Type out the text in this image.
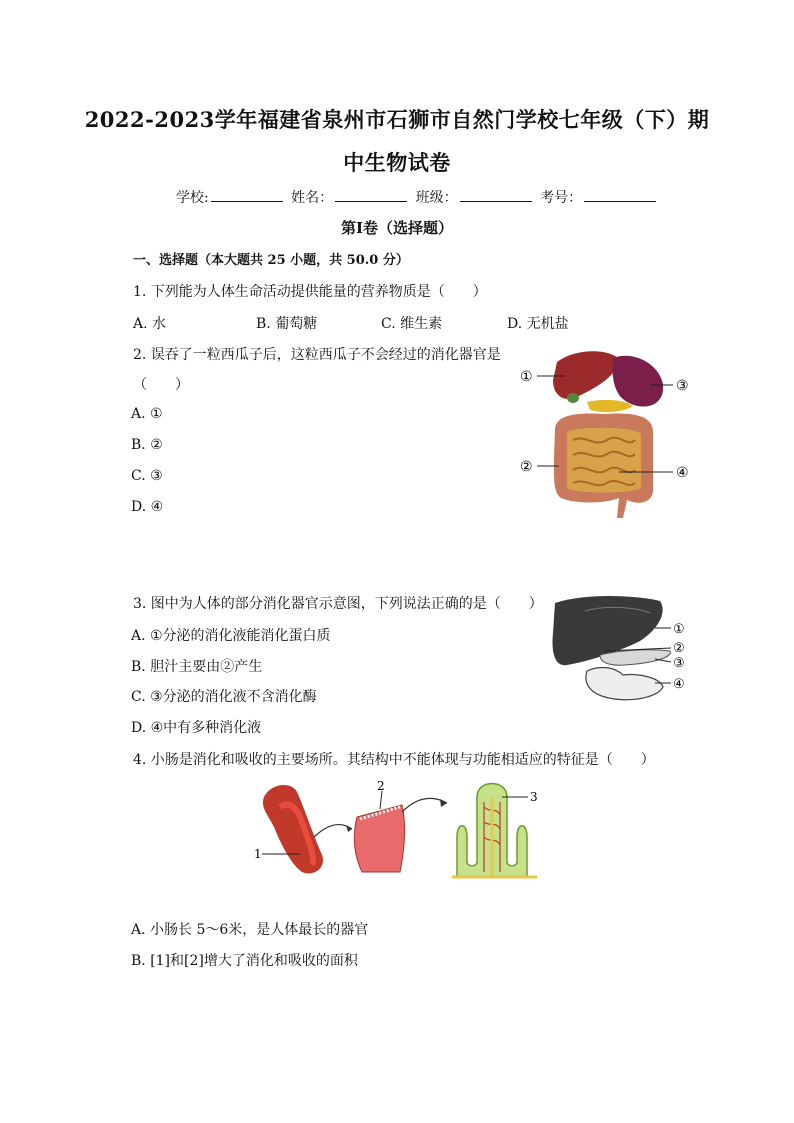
2022-2023学年福建省泉州市石狮市自然门学校七年级（下）期
中生物试卷
学校:	姓名：	班级：	考号：
第I卷（选择题）
一、选择题（本大题共 25 小题，共 50.0 分）
1. 下列能为人体生命活动提供能量的营养物质是（　　）
A. 水	B. 葡萄糖	C. 维生素	D. 无机盐
2. 误吞了一粒西瓜子后，这粒西瓜子不会经过的消化器官是
（　　）
A. ①
B. ②
C. ③
D. ④
①
②
③
④
3. 图中为人体的部分消化器官示意图，下列说法正确的是（　　）
A. ①分泌的消化液能消化蛋白质
B. 胆汁主要由②产生
C. ③分泌的消化液不含消化酶
D. ④中有多种消化液
①
②
③
④
4. 小肠是消化和吸收的主要场所。其结构中不能体现与功能相适应的特征是（　　）
1
2
3
A. 小肠长 5～6米，是人体最长的器官
B. [1]和[2]增大了消化和吸收的面积
